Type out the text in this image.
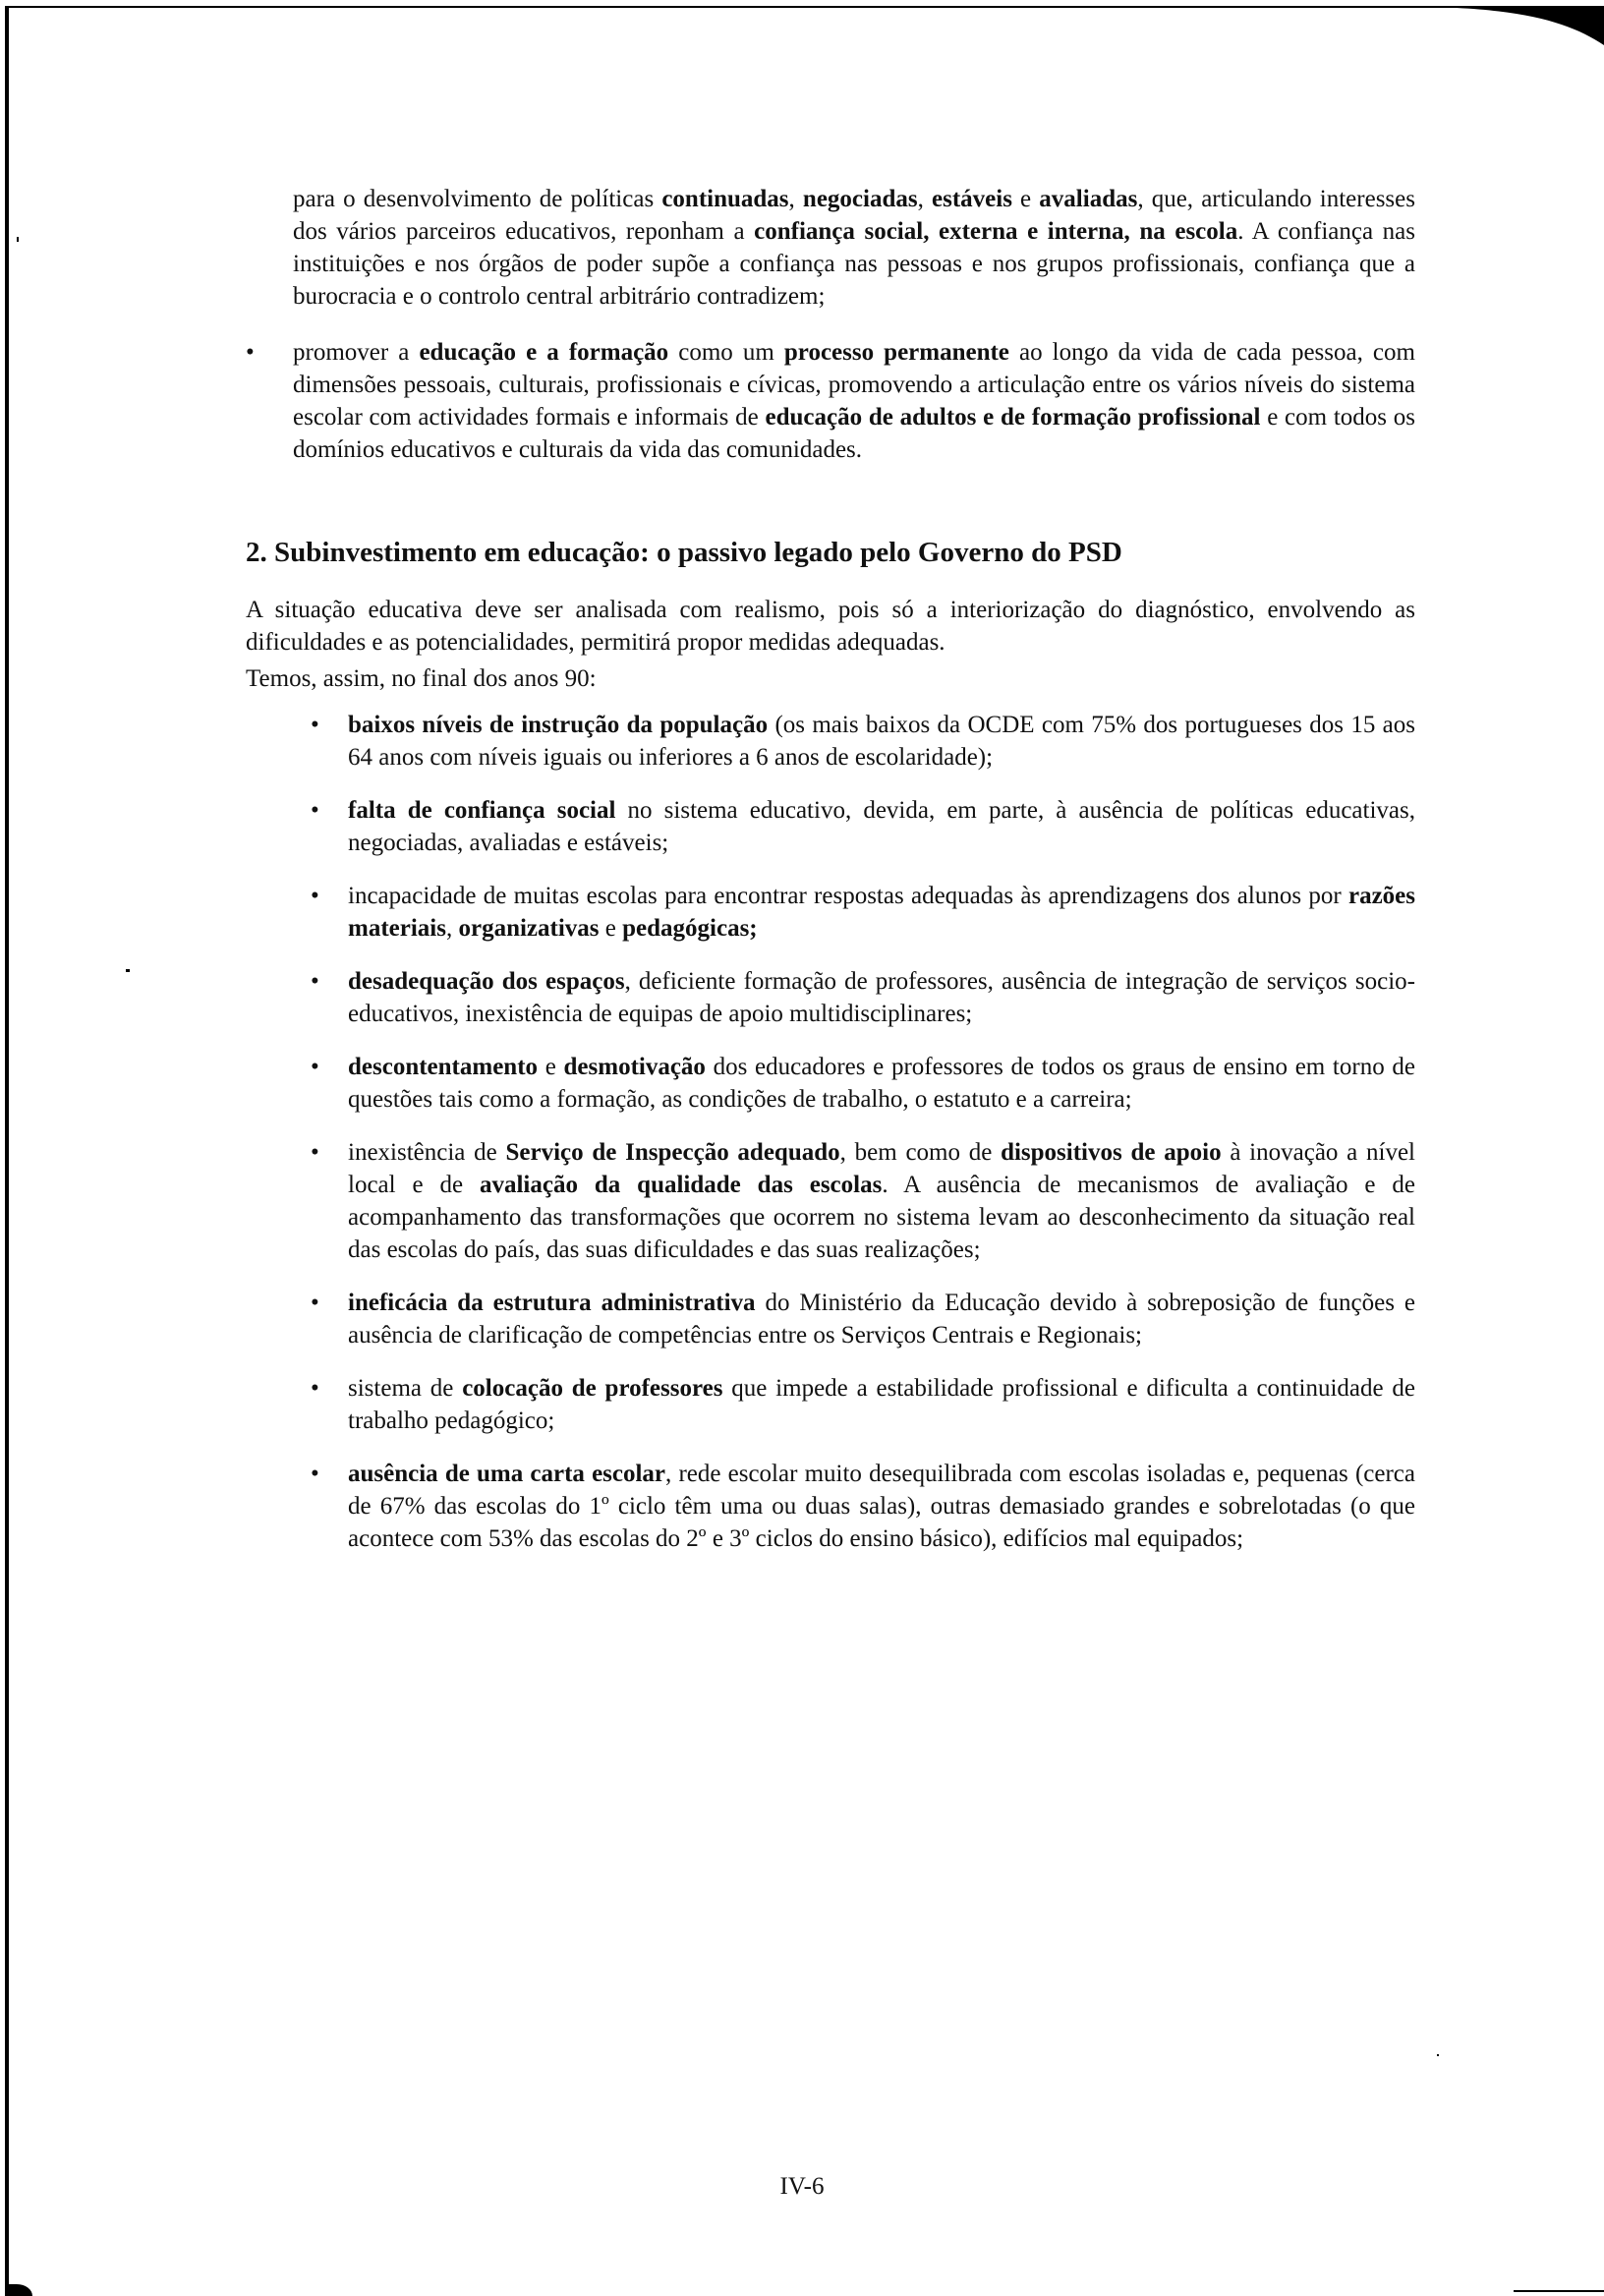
para o desenvolvimento de políticas continuadas, negociadas, estáveis e avaliadas, que, articulando interesses dos vários parceiros educativos, reponham a confiança social, externa e interna, na escola. A confiança nas instituições e nos órgãos de poder supõe a confiança nas pessoas e nos grupos profissionais, confiança que a burocracia e o controlo central arbitrário contradizem;

• promover a educação e a formação como um processo permanente ao longo da vida de cada pessoa, com dimensões pessoais, culturais, profissionais e cívicas, promovendo a articulação entre os vários níveis do sistema escolar com actividades formais e informais de educação de adultos e de formação profissional e com todos os domínios educativos e culturais da vida das comunidades.
2. Subinvestimento em educação: o passivo legado pelo Governo do PSD

A situação educativa deve ser analisada com realismo, pois só a interiorização do diagnóstico, envolvendo as dificuldades e as potencialidades, permitirá propor medidas adequadas.

Temos, assim, no final dos anos 90:

• baixos níveis de instrução da população (os mais baixos da OCDE com 75% dos portugueses dos 15 aos 64 anos com níveis iguais ou inferiores a 6 anos de escolaridade);
• falta de confiança social no sistema educativo, devida, em parte, à ausência de políticas educativas, negociadas, avaliadas e estáveis;
• incapacidade de muitas escolas para encontrar respostas adequadas às aprendizagens dos alunos por razões materiais, organizativas e pedagógicas;
• desadequação dos espaços, deficiente formação de professores, ausência de integração de serviços socio-educativos, inexistência de equipas de apoio multidisciplinares;
• descontentamento e desmotivação dos educadores e professores de todos os graus de ensino em torno de questões tais como a formação, as condições de trabalho, o estatuto e a carreira;
• inexistência de Serviço de Inspecção adequado, bem como de dispositivos de apoio à inovação a nível local e de avaliação da qualidade das escolas. A ausência de mecanismos de avaliação e de acompanhamento das transformações que ocorrem no sistema levam ao desconhecimento da situação real das escolas do país, das suas dificuldades e das suas realizações;
• ineficácia da estrutura administrativa do Ministério da Educação devido à sobreposição de funções e ausência de clarificação de competências entre os Serviços Centrais e Regionais;
• sistema de colocação de professores que impede a estabilidade profissional e dificulta a continuidade de trabalho pedagógico;
• ausência de uma carta escolar, rede escolar muito desequilibrada com escolas isoladas e, pequenas (cerca de 67% das escolas do 1º ciclo têm uma ou duas salas), outras demasiado grandes e sobrelotadas (o que acontece com 53% das escolas do 2º e 3º ciclos do ensino básico), edifícios mal equipados;
IV-6
